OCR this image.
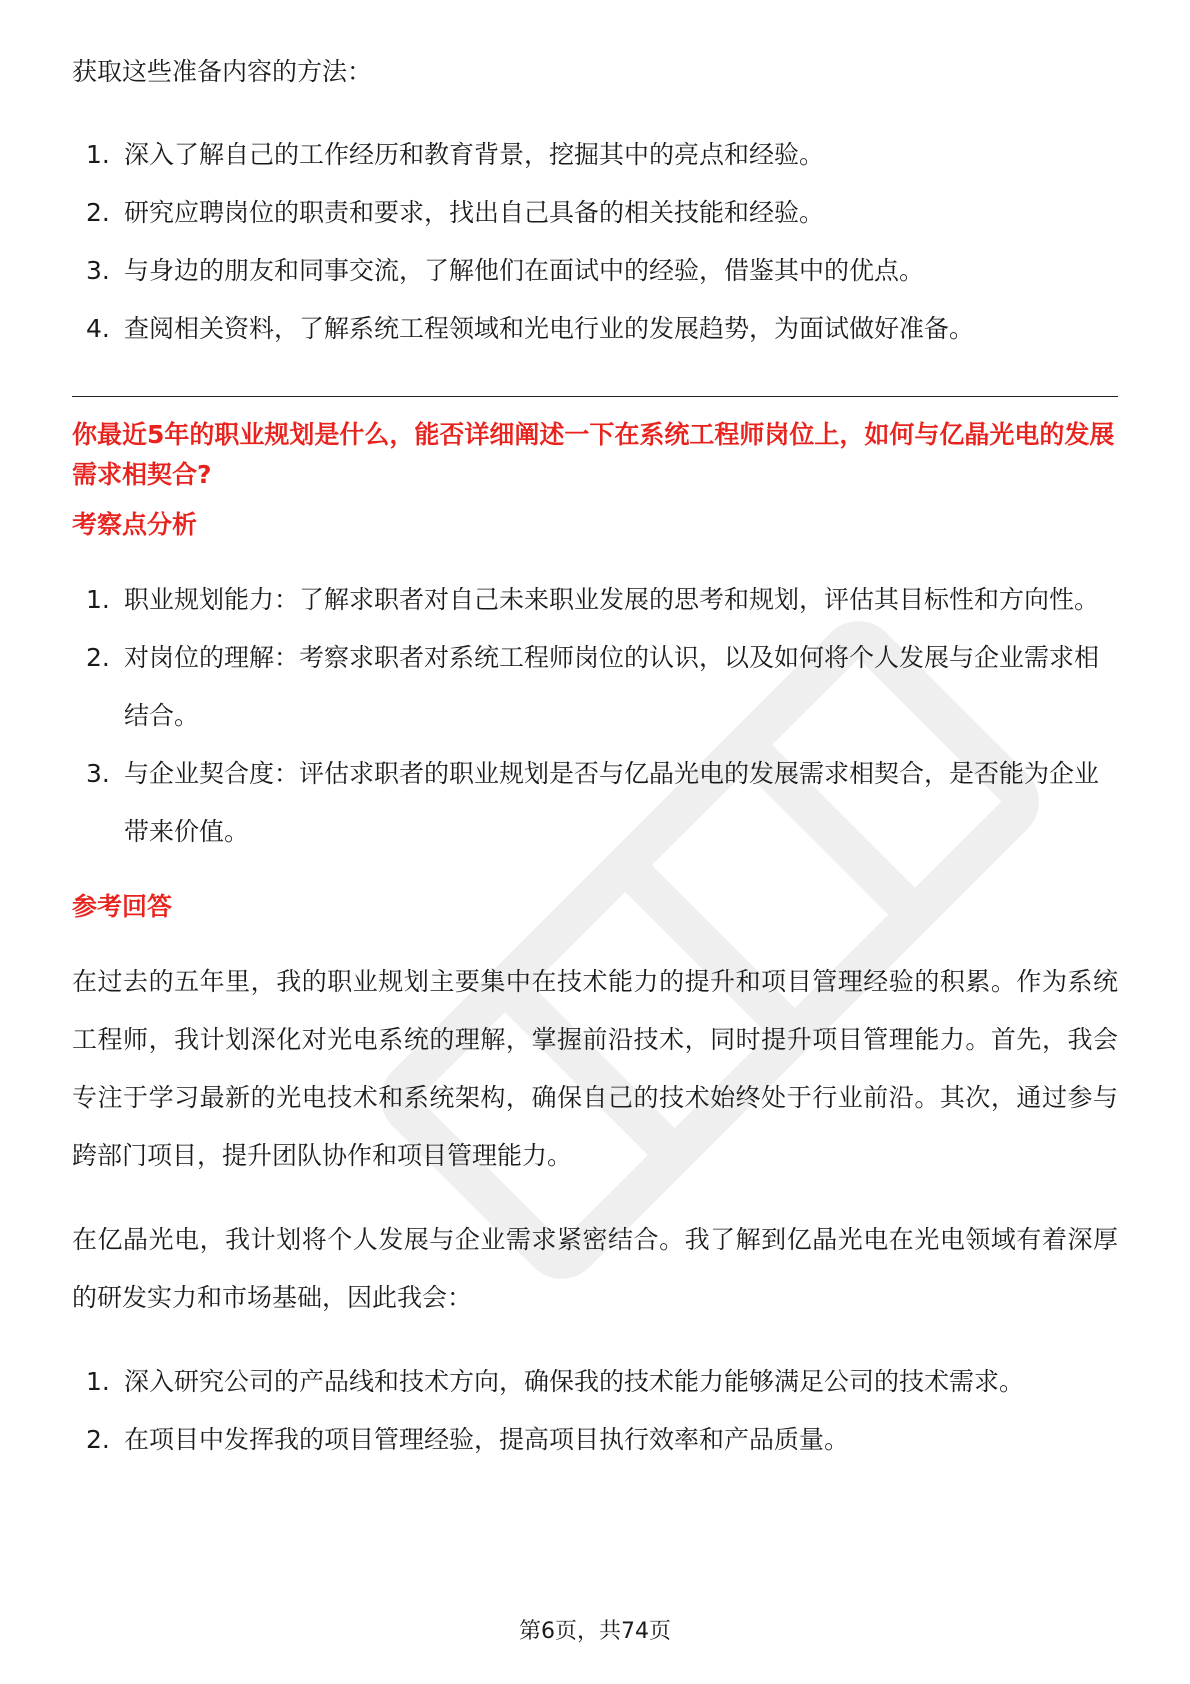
获取这些准备内容的方法：

1. 深入了解自己的工作经历和教育背景，挖掘其中的亮点和经验。
2. 研究应聘岗位的职责和要求，找出自己具备的相关技能和经验。
3. 与身边的朋友和同事交流，了解他们在面试中的经验，借鉴其中的优点。
4. 查阅相关资料，了解系统工程领域和光电行业的发展趋势，为面试做好准备。

你最近5年的职业规划是什么，能否详细阐述一下在系统工程师岗位上，如何与亿晶光电的发展需求相契合?

考察点分析

1. 职业规划能力：了解求职者对自己未来职业发展的思考和规划，评估其目标性和方向性。
2. 对岗位的理解：考察求职者对系统工程师岗位的认识，以及如何将个人发展与企业需求相结合。
3. 与企业契合度：评估求职者的职业规划是否与亿晶光电的发展需求相契合，是否能为企业带来价值。

参考回答

在过去的五年里，我的职业规划主要集中在技术能力的提升和项目管理经验的积累。作为系统工程师，我计划深化对光电系统的理解，掌握前沿技术，同时提升项目管理能力。首先，我会专注于学习最新的光电技术和系统架构，确保自己的技术始终处于行业前沿。其次，通过参与跨部门项目，提升团队协作和项目管理能力。

在亿晶光电，我计划将个人发展与企业需求紧密结合。我了解到亿晶光电在光电领域有着深厚的研发实力和市场基础，因此我会：

1. 深入研究公司的产品线和技术方向，确保我的技术能力能够满足公司的技术需求。
2. 在项目中发挥我的项目管理经验，提高项目执行效率和产品质量。
第6页，共74页
